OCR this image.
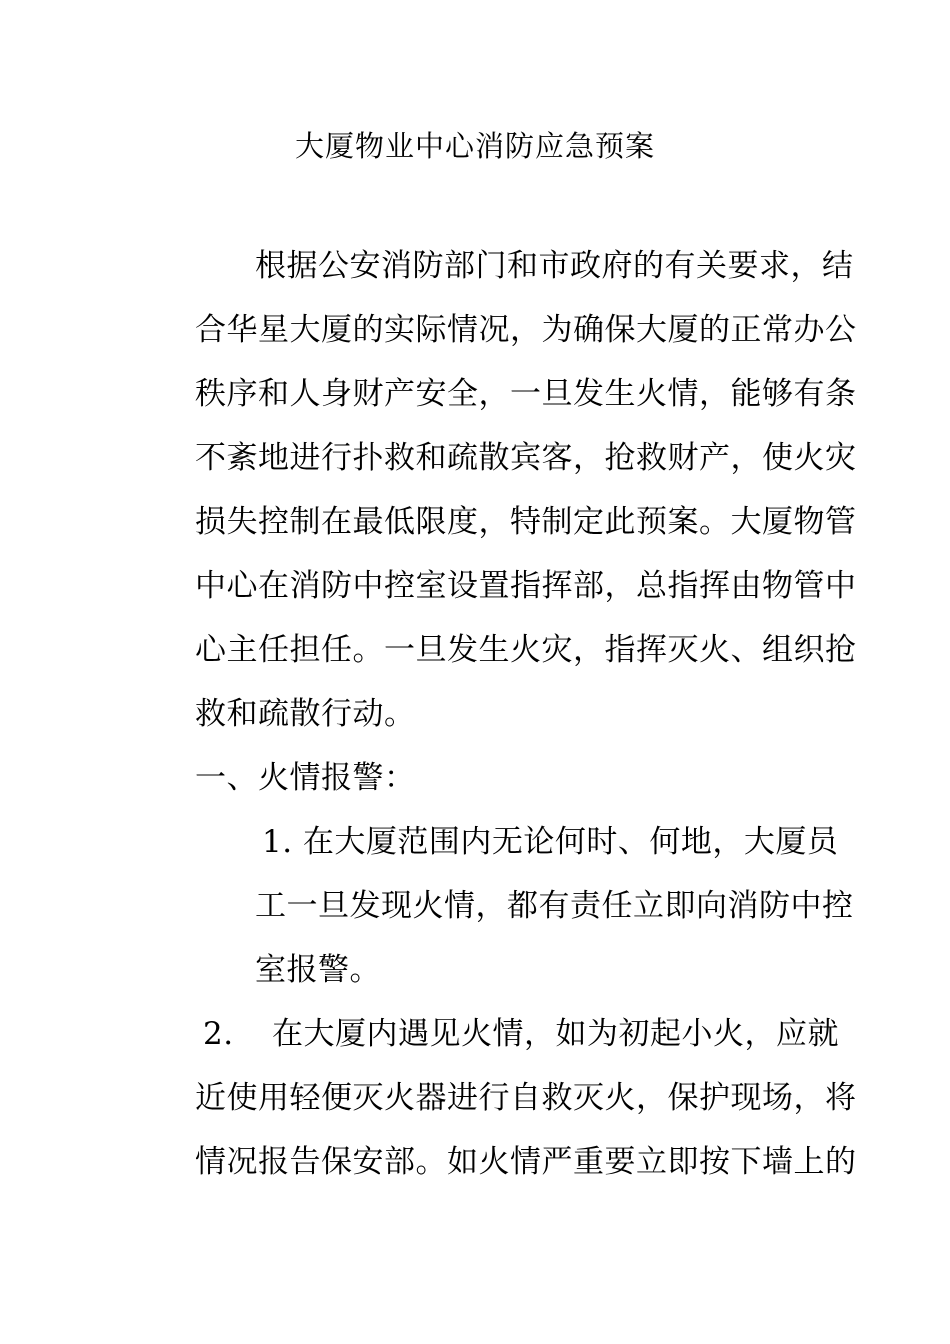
大厦物业中心消防应急预案
根据公安消防部门和市政府的有关要求，结
合华星大厦的实际情况，为确保大厦的正常办公
秩序和人身财产安全，一旦发生火情，能够有条
不紊地进行扑救和疏散宾客，抢救财产，使火灾
损失控制在最低限度，特制定此预案。大厦物管
中心在消防中控室设置指挥部，总指挥由物管中
心主任担任。一旦发生火灾，指挥灭火、组织抢
救和疏散行动。
一、火情报警：
1. 在大厦范围内无论何时、何地，大厦员
工一旦发现火情，都有责任立即向消防中控
室报警。
2. 在大厦内遇见火情，如为初起小火，应就
近使用轻便灭火器进行自救灭火，保护现场，将
情况报告保安部。如火情严重要立即按下墙上的
